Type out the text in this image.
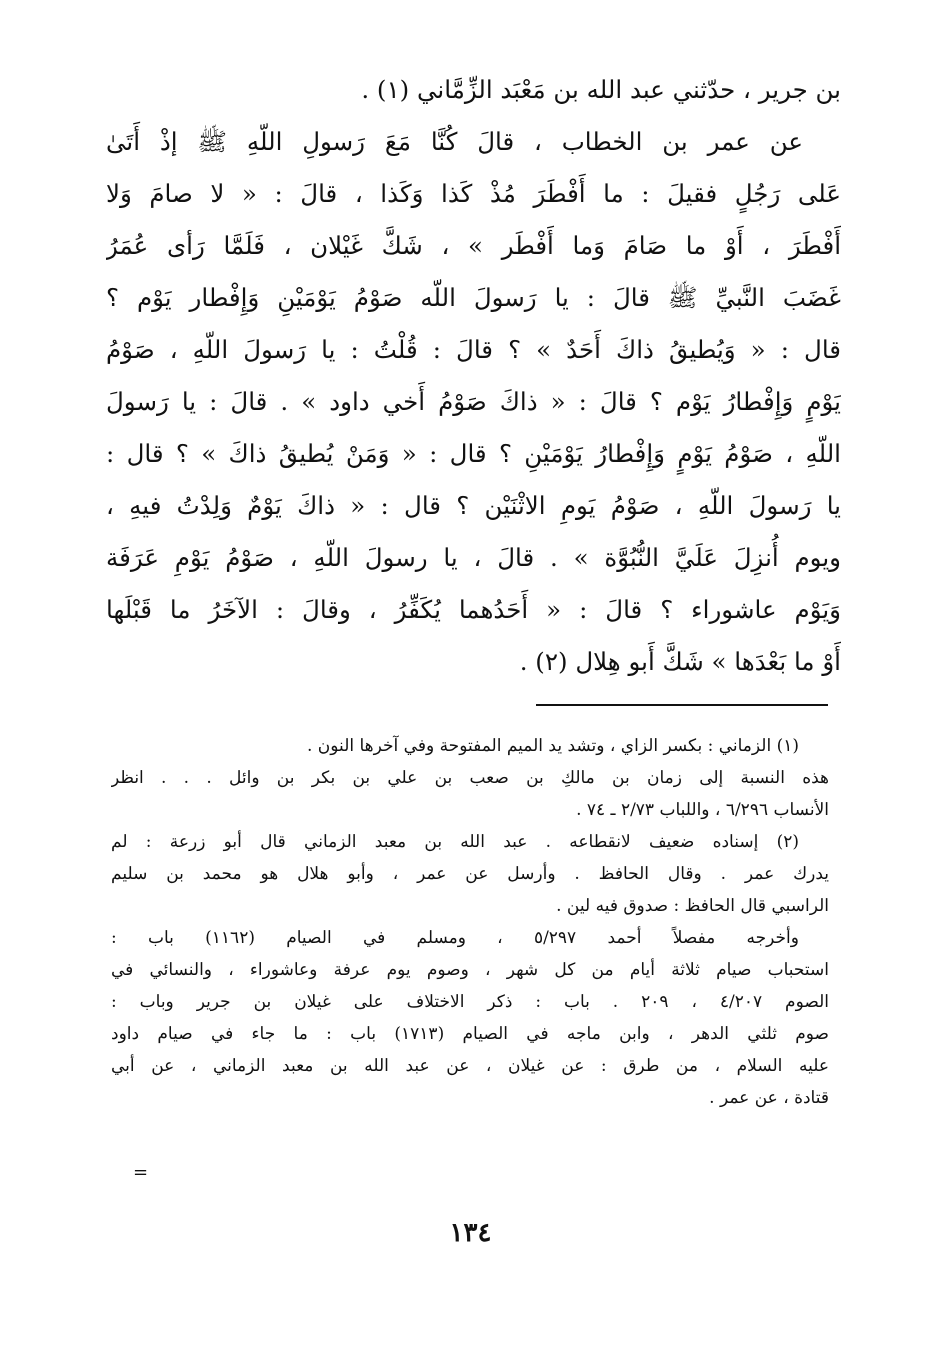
بن جرير ، حدّثني عبد الله بن مَعْبَد الزِّمَّاني (١) .
عن عمر بن الخطاب ، قالَ كُنَّا مَعَ رَسولِ اللّهِ ﷺ إذْ أَتَىٰ
عَلى رَجُلٍ فقيلَ : ما أَفْطَرَ مُذْ كَذا وَكَذا ، قالَ : « لا صامَ وَلا
أَفْطَرَ ، أَوْ ما صَامَ وَما أَفْطَر » ، شَكَّ غَيْلان ، فَلَمَّا رَأى عُمَرُ
غَضَبَ النَّبيِّ ﷺ قالَ : يا رَسولَ اللّه صَوْمُ يَوْمَيْنِ وَإِفْطار يَوْم ؟
قال : « وَيُطيقُ ذاكَ أَحَدٌ » ؟ قالَ : قُلْتُ : يا رَسولَ اللّهِ ، صَوْمُ
يَوْمٍ وَإِفْطارُ يَوْم ؟ قالَ : « ذاكَ صَوْمُ أَخي داود » . قالَ : يا رَسولَ
اللّهِ ، صَوْمُ يَوْمٍ وَإِفْطارُ يَوْمَيْنِ ؟ قال : « وَمَنْ يُطيقُ ذاكَ » ؟ قال :
يا رَسولَ اللّهِ ، صَوْمُ يَومِ الاثْنَيْن ؟ قال : « ذاكَ يَوْمٌ وَلِدْتُ فيهِ ،
ويوم أُنزِلَ عَلَيَّ النُّبُوَّة » . قالَ ، يا رسولَ اللّهِ ، صَوْمُ يَوْمِ عَرَفَة
وَيَوْم عاشوراء ؟ قالَ : « أَحَدُهما يُكَفِّرُ ، وقالَ : الآخَرُ ما قَبْلَها
أَوْ ما بَعْدَها » شَكَّ أَبو هِلال (٢) .
(١) الزماني : بكسر الزاي ، وتشد يد الميم المفتوحة وفي آخرها النون .
هذه النسبة إلى زمان بن مالكِ بن صعب بن علي بن بكر بن وائل . . . انظر
الأنساب ٦/٢٩٦ ، واللباب ٢/٧٣ ـ ٧٤ .
(٢) إسناده ضعيف لانقطاعه . عبد الله بن معبد الزماني قال أبو زرعة : لم
يدرك عمر . وقال الحافظ . وأرسل عن عمر ، وأبو هلال هو محمد بن سليم
الراسبي قال الحافظ : صدوق فيه لين .
وأخرجه مفصلاً أحمد ٥/٢٩٧ ، ومسلم في الصيام (١١٦٢) باب :
استحباب صيام ثلاثة أيام من كل شهر ، وصوم يوم عرفة وعاشوراء ، والنسائي في
الصوم ٤/٢٠٧ ، ٢٠٩ . باب : ذكر الاختلاف على غيلان بن جرير وباب :
صوم ثلثي الدهر ، وابن ماجه في الصيام (١٧١٣) باب : ما جاء في صيام داود
عليه السلام ، من طرق : عن غيلان ، عن عبد الله بن معبد الزماني ، عن أبي
قتادة ، عن عمر .
=
١٣٤
